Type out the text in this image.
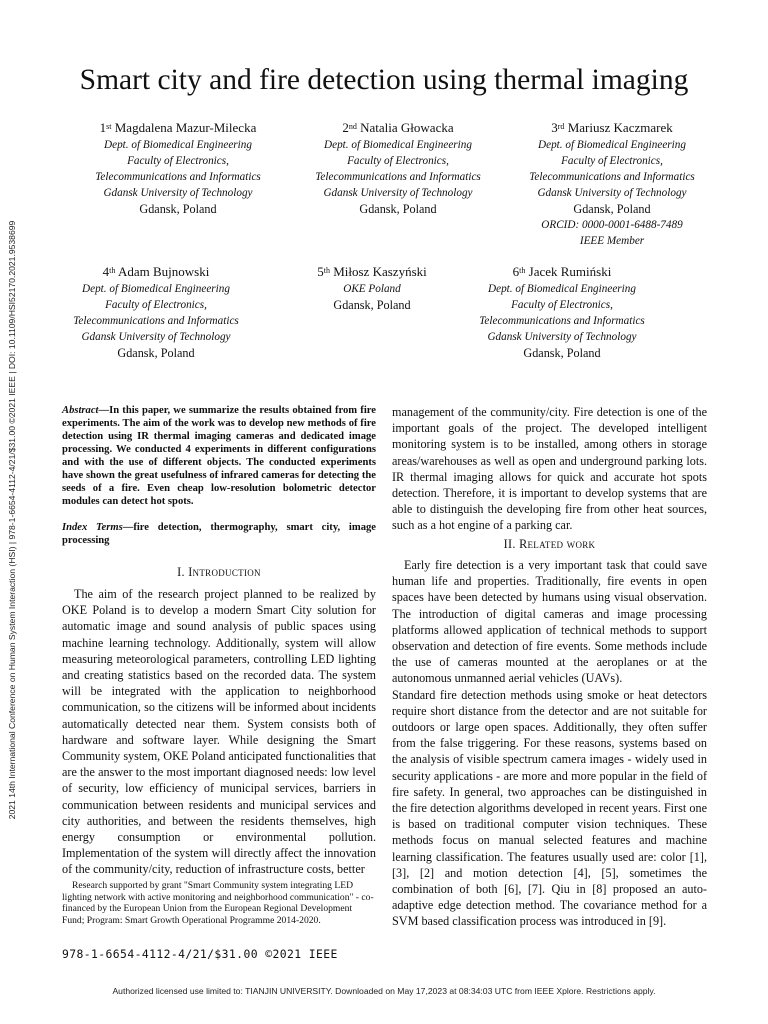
Smart city and fire detection using thermal imaging
1st Magdalena Mazur-Milecka
Dept. of Biomedical Engineering
Faculty of Electronics,
Telecommunications and Informatics
Gdansk University of Technology
Gdansk, Poland
2nd Natalia Głowacka
Dept. of Biomedical Engineering
Faculty of Electronics,
Telecommunications and Informatics
Gdansk University of Technology
Gdansk, Poland
3rd Mariusz Kaczmarek
Dept. of Biomedical Engineering
Faculty of Electronics,
Telecommunications and Informatics
Gdansk University of Technology
Gdansk, Poland
ORCID: 0000-0001-6488-7489
IEEE Member
4th Adam Bujnowski
Dept. of Biomedical Engineering
Faculty of Electronics,
Telecommunications and Informatics
Gdansk University of Technology
Gdansk, Poland
5th Miłosz Kaszyński
OKE Poland
Gdansk, Poland
6th Jacek Rumiński
Dept. of Biomedical Engineering
Faculty of Electronics,
Telecommunications and Informatics
Gdansk University of Technology
Gdansk, Poland
2021 14th International Conference on Human System Interaction (HSI) | 978-1-6654-4112-4/21/$31.00 ©2021 IEEE | DOI: 10.1109/HSI52170.2021.9538699	Abstract—In this paper, we summarize the results obtained from fire experiments. The aim of the work was to develop new methods of fire detection using IR thermal imaging cameras and dedicated image processing. We conducted 4 experiments in different configurations and with the use of different objects. The conducted experiments have shown the great usefulness of infrared cameras for detecting the seeds of a fire. Even cheap low-resolution bolometric detector modules can detect hot spots.
Index Terms—fire detection, thermography, smart city, image processing
I. Introduction
The aim of the research project planned to be realized by OKE Poland is to develop a modern Smart City solution for automatic image and sound analysis of public spaces using machine learning technology. Additionally, system will allow measuring meteorological parameters, controlling LED lighting and creating statistics based on the recorded data. The system will be integrated with the application to neighborhood communication, so the citizens will be informed about incidents automatically detected near them. System consists both of hardware and software layer. While designing the Smart Community system, OKE Poland anticipated functionalities that are the answer to the most important diagnosed needs: low level of security, low efficiency of municipal services, barriers in communication between residents and municipal services and city authorities, and between the residents themselves, high energy consumption or environmental pollution. Implementation of the system will directly affect the innovation of the community/city, reduction of infrastructure costs, better
Research supported by grant "Smart Community system integrating LED lighting network with active monitoring and neighborhood communication" - co-financed by the European Union from the European Regional Development Fund; Program: Smart Growth Operational Programme 2014-2020.
management of the community/city. Fire detection is one of the important goals of the project. The developed intelligent monitoring system is to be installed, among others in storage areas/warehouses as well as open and underground parking lots. IR thermal imaging allows for quick and accurate hot spots detection. Therefore, it is important to develop systems that are able to distinguish the developing fire from other heat sources, such as a hot engine of a parking car.
II. Related work
Early fire detection is a very important task that could save human life and properties. Traditionally, fire events in open spaces have been detected by humans using visual observation. The introduction of digital cameras and image processing platforms allowed application of technical methods to support observation and detection of fire events. Some methods include the use of cameras mounted at the aeroplanes or at the autonomous unmanned aerial vehicles (UAVs).
Standard fire detection methods using smoke or heat detectors require short distance from the detector and are not suitable for outdoors or large open spaces. Additionally, they often suffer from the false triggering. For these reasons, systems based on the analysis of visible spectrum camera images - widely used in security applications - are more and more popular in the field of fire safety. In general, two approaches can be distinguished in the fire detection algorithms developed in recent years. First one is based on traditional computer vision techniques. These methods focus on manual selected features and machine learning classification. The features usually used are: color [1], [3], [2] and motion detection [4], [5], sometimes the combination of both [6], [7]. Qiu in [8] proposed an auto-adaptive edge detection method. The covariance method for a SVM based classification process was introduced in [9].
978-1-6654-4112-4/21/$31.00 ©2021 IEEE
Authorized licensed use limited to: TIANJIN UNIVERSITY. Downloaded on May 17,2023 at 08:34:03 UTC from IEEE Xplore. Restrictions apply.
